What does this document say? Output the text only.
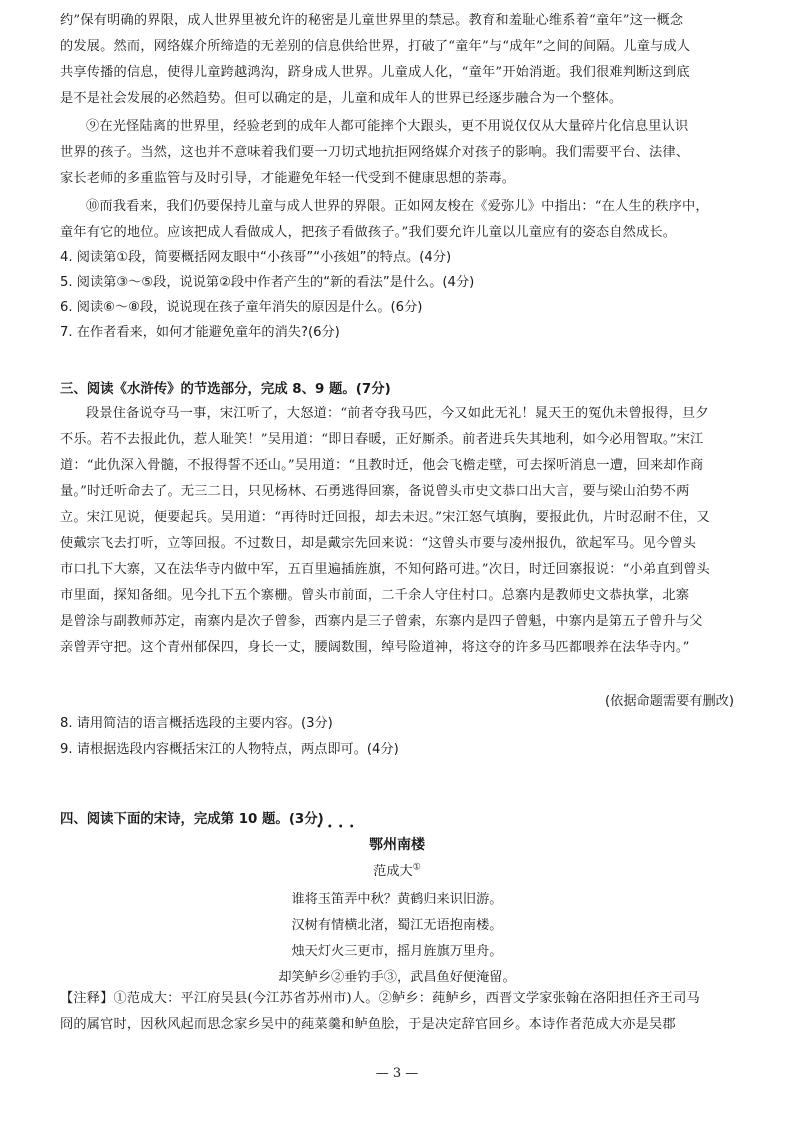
约”保有明确的界限，成人世界里被允许的秘密是儿童世界里的禁忌。教育和羞耻心维系着“童年”这一概念
的发展。然而，网络媒介所缔造的无差别的信息供给世界，打破了“童年”与“成年”之间的间隔。儿童与成人
共享传播的信息，使得儿童跨越鸿沟，跻身成人世界。儿童成人化，“童年”开始消逝。我们很难判断这到底
是不是社会发展的必然趋势。但可以确定的是，儿童和成年人的世界已经逐步融合为一个整体。
⑨在光怪陆离的世界里，经验老到的成年人都可能摔个大跟头，更不用说仅仅从大量碎片化信息里认识
世界的孩子。当然，这也并不意味着我们要一刀切式地抗拒网络媒介对孩子的影响。我们需要平台、法律、
家长老师的多重监管与及时引导，才能避免年轻一代受到不健康思想的荼毒。
⑩而我看来，我们仍要保持儿童与成人世界的界限。正如网友梭在《爱弥儿》中指出：“在人生的秩序中，
童年有它的地位。应该把成人看做成人，把孩子看做孩子。”我们要允许儿童以儿童应有的姿态自然成长。
4. 阅读第①段，简要概括网友眼中“小孩哥”“小孩姐”的特点。(4分)
5. 阅读第③～⑤段，说说第②段中作者产生的“新的看法”是什么。(4分)
6. 阅读⑥～⑧段，说说现在孩子童年消失的原因是什么。(6分)
7. 在作者看来，如何才能避免童年的消失?(6分)
三、阅读《水浒传》的节选部分，完成 8、9 题。(7分)
段景住备说夺马一事，宋江听了，大怒道：“前者夺我马匹，今又如此无礼！晁天王的冤仇未曾报得，旦夕
不乐。若不去报此仇，惹人耻笑！”吴用道：“即日春暖，正好厮杀。前者进兵失其地利，如今必用智取。”宋江
道：“此仇深入骨髓，不报得誓不还山。”吴用道：“且教时迁，他会飞檐走壁，可去探听消息一遭，回来却作商
量。”时迁听命去了。无三二日，只见杨林、石勇逃得回寨，备说曾头市史文恭口出大言，要与梁山泊势不两
立。宋江见说，便要起兵。吴用道：“再待时迁回报，却去未迟。”宋江怒气填胸，要报此仇，片时忍耐不住，又
使戴宗飞去打听，立等回报。不过数日，却是戴宗先回来说：“这曾头市要与凌州报仇，欲起军马。见今曾头
市口扎下大寨，又在法华寺内做中军，五百里遍插旌旗，不知何路可进。”次日，时迁回寨报说：“小弟直到曾头
市里面，探知备细。见今扎下五个寨栅。曾头市前面，二千余人守住村口。总寨内是教师史文恭执掌，北寨
是曾涂与副教师苏定，南寨内是次子曾参，西寨内是三子曾索，东寨内是四子曾魁，中寨内是第五子曾升与父
亲曾弄守把。这个青州郁保四，身长一丈，腰阔数围，绰号险道神，将这夺的许多马匹都喂养在法华寺内。”
(依据命题需要有删改)
8. 请用简洁的语言概括选段的主要内容。(3分)
9. 请根据选段内容概括宋江的人物特点，两点即可。(4分)
••••
四、阅读下面的宋诗，完成第 10 题。(3分)
鄂州南楼
范成大①
谁将玉笛弄中秋？黄鹤归来识旧游。
汉树有情横北渚，蜀江无语抱南楼。
烛天灯火三更市，摇月旌旗万里舟。
却笑鲈乡②垂钓手③，武昌鱼好便淹留。
【注释】①范成大：平江府吴县(今江苏省苏州市)人。②鲈乡：莼鲈乡，西晋文学家张翰在洛阳担任齐王司马
冏的属官时，因秋风起而思念家乡吴中的莼菜羹和鲈鱼脍，于是决定辞官回乡。本诗作者范成大亦是吴郡
— 3 —
